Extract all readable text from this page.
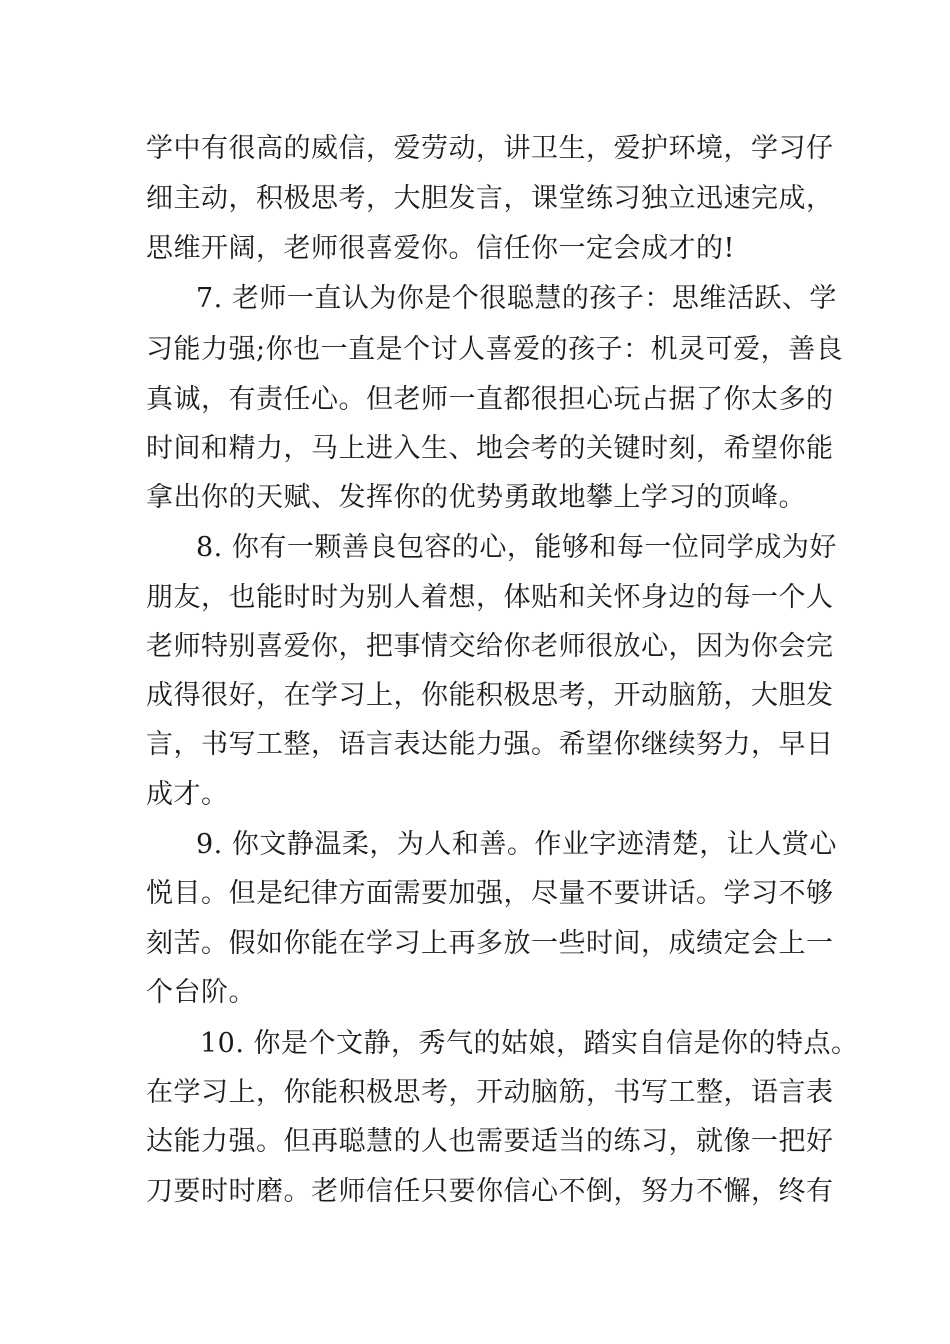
学中有很高的威信，爱劳动，讲卫生，爱护环境，学习仔
细主动，积极思考，大胆发言，课堂练习独立迅速完成，
思维开阔，老师很喜爱你。信任你一定会成才的!
7. 老师一直认为你是个很聪慧的孩子：思维活跃、学
习能力强;你也一直是个讨人喜爱的孩子：机灵可爱，善良
真诚，有责任心。但老师一直都很担心玩占据了你太多的
时间和精力，马上进入生、地会考的关键时刻，希望你能
拿出你的天赋、发挥你的优势勇敢地攀上学习的顶峰。
8. 你有一颗善良包容的心，能够和每一位同学成为好
朋友，也能时时为别人着想，体贴和关怀身边的每一个人
老师特别喜爱你，把事情交给你老师很放心，因为你会完
成得很好，在学习上，你能积极思考，开动脑筋，大胆发
言，书写工整，语言表达能力强。希望你继续努力，早日
成才。
9. 你文静温柔，为人和善。作业字迹清楚，让人赏心
悦目。但是纪律方面需要加强，尽量不要讲话。学习不够
刻苦。假如你能在学习上再多放一些时间，成绩定会上一
个台阶。
10. 你是个文静，秀气的姑娘，踏实自信是你的特点。
在学习上，你能积极思考，开动脑筋，书写工整，语言表
达能力强。但再聪慧的人也需要适当的练习，就像一把好
刀要时时磨。老师信任只要你信心不倒，努力不懈，终有
